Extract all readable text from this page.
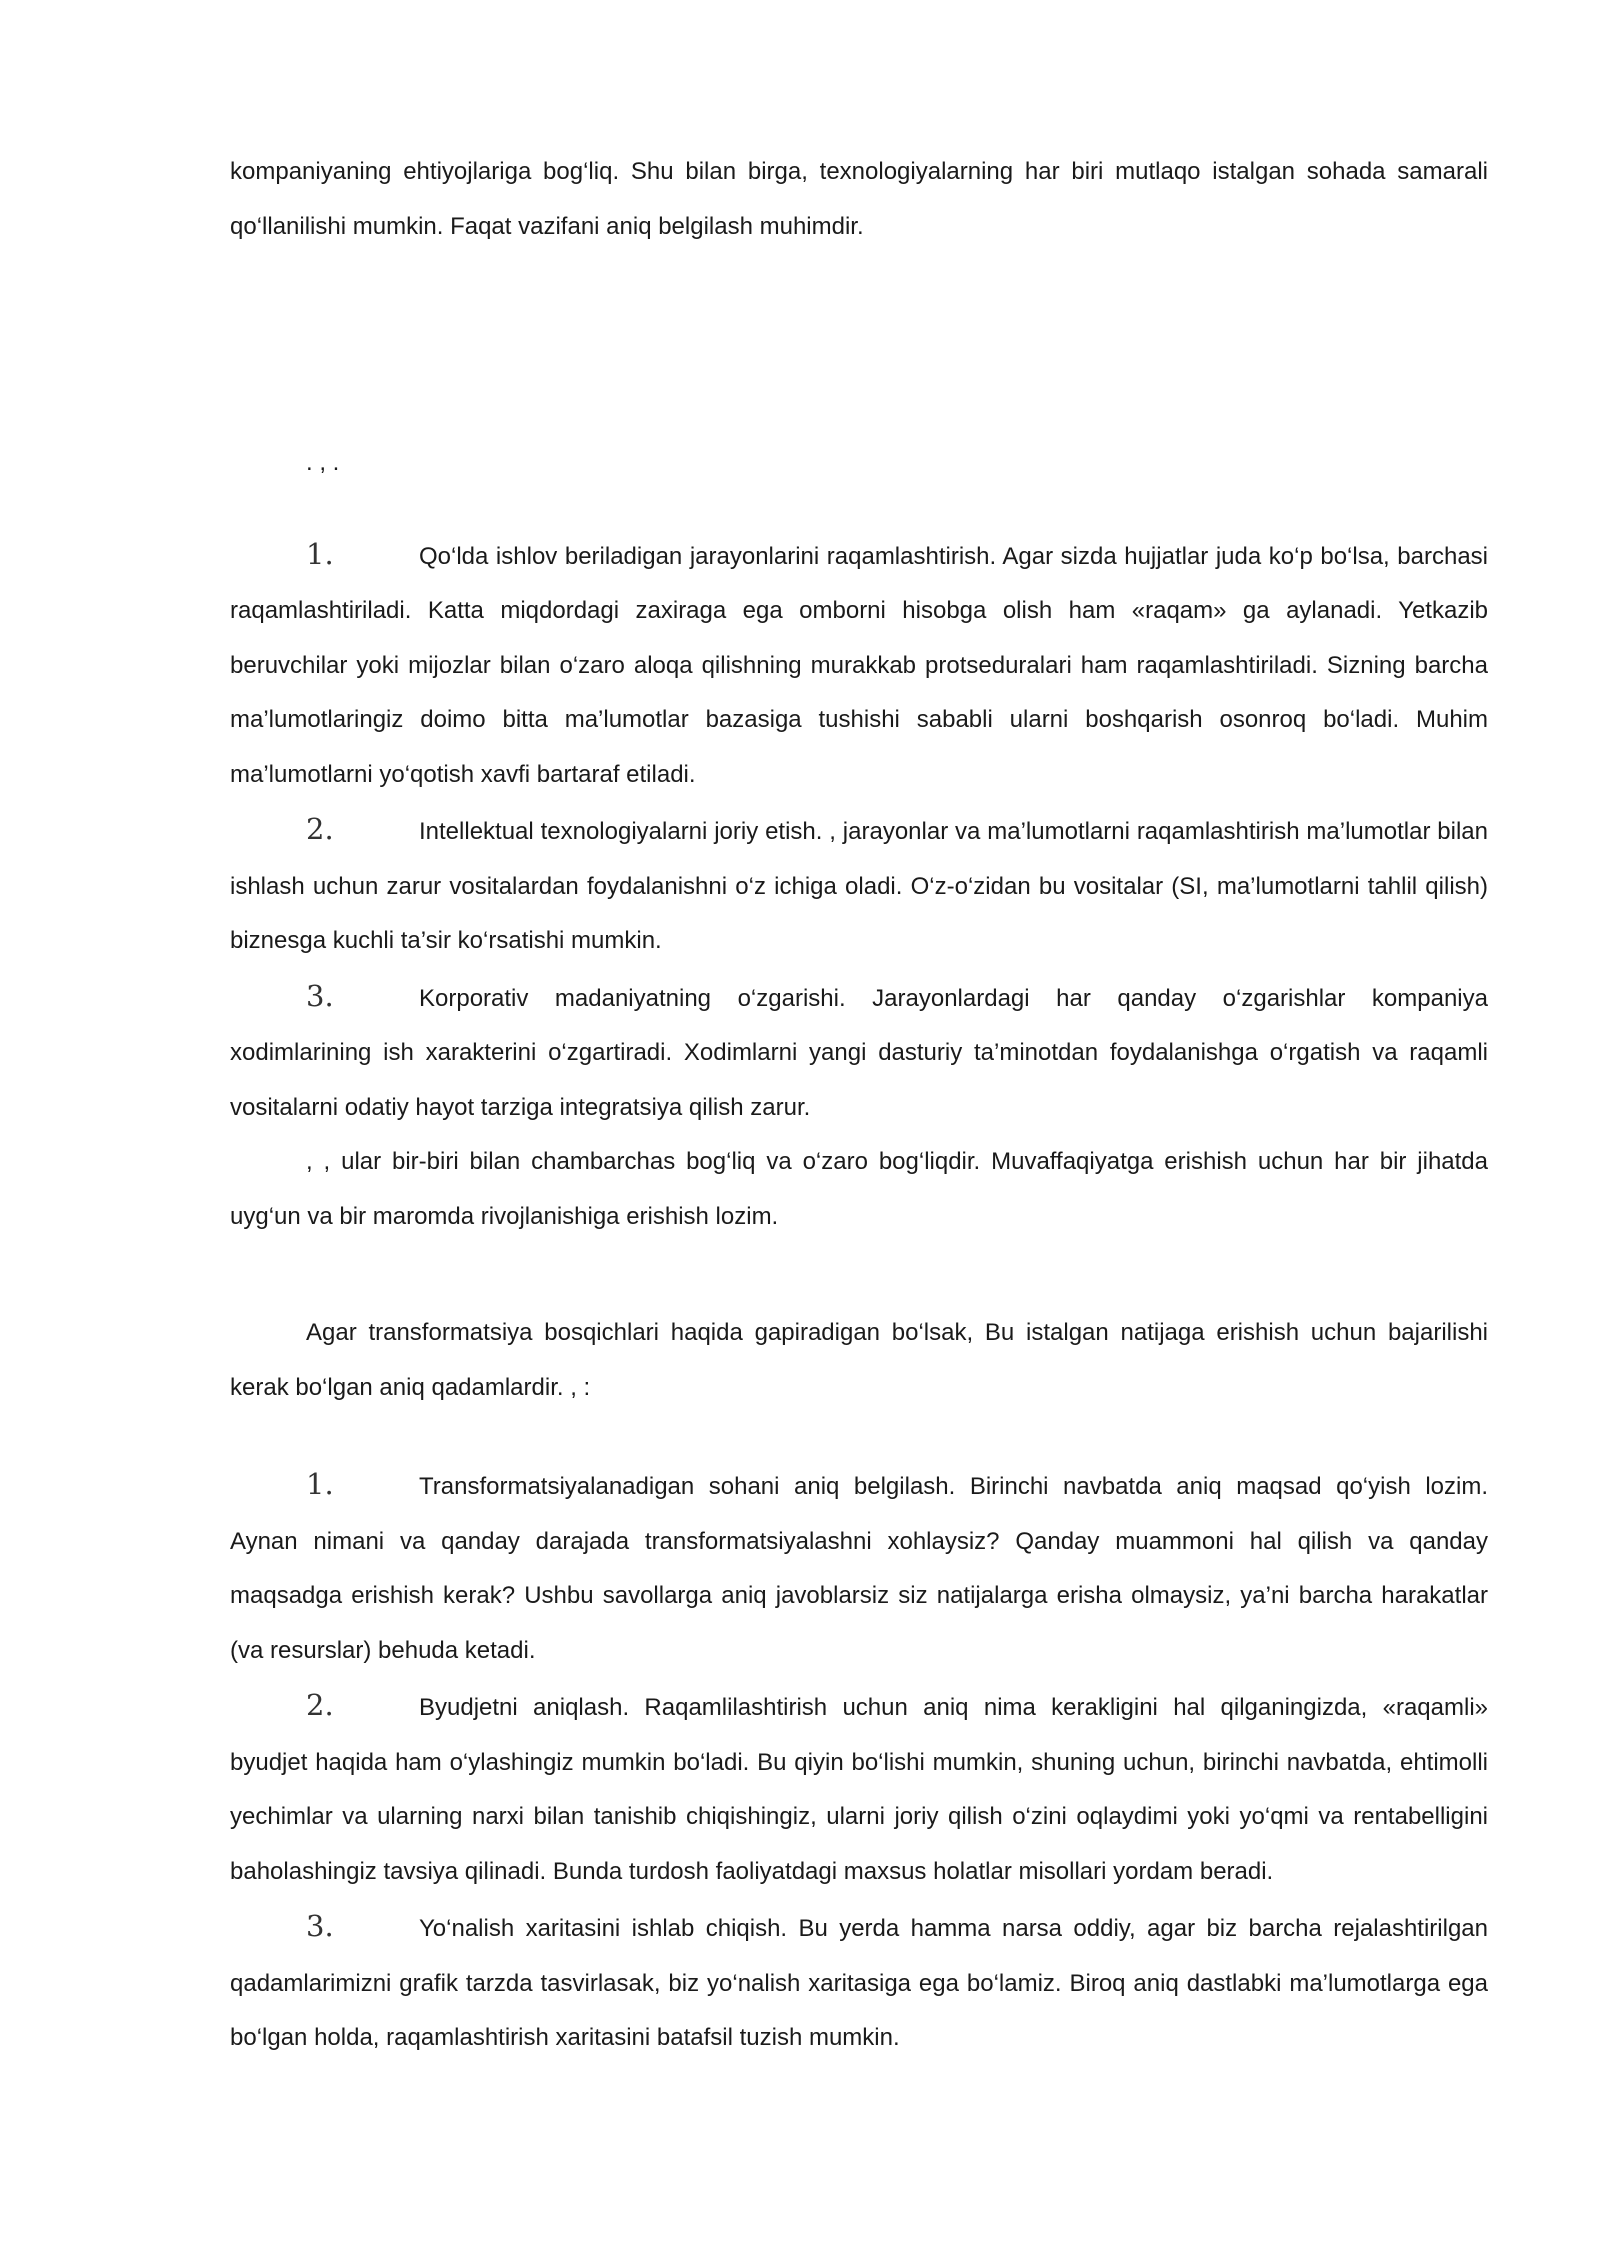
kompaniyaning ehtiyojlariga bog‘liq. Shu bilan birga, texnologiyalarning har biri mutlaqo istalgan sohada samarali qo‘llanilishi mumkin. Faqat vazifani aniq belgilash muhimdir.

. , .

1.	Qo‘lda ishlov beriladigan jarayonlarini raqamlashtirish. Agar sizda hujjatlar juda ko‘p bo‘lsa, barchasi raqamlashtiriladi. Katta miqdordagi zaxiraga ega omborni hisobga olish ham «raqam» ga aylanadi. Yetkazib beruvchilar yoki mijozlar bilan o‘zaro aloqa qilishning murakkab protseduralari ham raqamlashtiriladi. Sizning barcha ma’lumotlaringiz doimo bitta ma’lumotlar bazasiga tushishi sababli ularni boshqarish osonroq bo‘ladi. Muhim ma’lumotlarni yo‘qotish xavfi bartaraf etiladi.

2.	Intellektual texnologiyalarni joriy etish. , jarayonlar va ma’lumotlarni raqamlashtirish ma’lumotlar bilan ishlash uchun zarur vositalardan foydalanishni o‘z ichiga oladi. O‘z-o‘zidan bu vositalar (SI, ma’lumotlarni tahlil qilish) biznesga kuchli ta’sir ko‘rsatishi mumkin.

3.	Korporativ madaniyatning o‘zgarishi. Jarayonlardagi har qanday o‘zgarishlar kompaniya xodimlarining ish xarakterini o‘zgartiradi. Xodimlarni yangi dasturiy ta’minotdan foydalanishga o‘rgatish va raqamli vositalarni odatiy hayot tarziga integratsiya qilish zarur.

, , ular bir-biri bilan chambarchas bog‘liq va o‘zaro bog‘liqdir. Muvaffaqiyatga erishish uchun har bir jihatda uyg‘un va bir maromda rivojlanishiga erishish lozim.

Agar transformatsiya bosqichlari haqida gapiradigan bo‘lsak, Bu istalgan natijaga erishish uchun bajarilishi kerak bo‘lgan aniq qadamlardir. , :

1.	Transformatsiyalanadigan sohani aniq belgilash. Birinchi navbatda aniq maqsad qo‘yish lozim. Aynan nimani va qanday darajada transformatsiyalashni xohlaysiz? Qanday muammoni hal qilish va qanday maqsadga erishish kerak? Ushbu savollarga aniq javoblarsiz siz natijalarga erisha olmaysiz, ya’ni barcha harakatlar (va resurslar) behuda ketadi.

2.	Byudjetni aniqlash. Raqamlilashtirish uchun aniq nima kerakligini hal qilganingizda, «raqamli» byudjet haqida ham o‘ylashingiz mumkin bo‘ladi. Bu qiyin bo‘lishi mumkin, shuning uchun, birinchi navbatda, ehtimolli yechimlar va ularning narxi bilan tanishib chiqishingiz, ularni joriy qilish o‘zini oqlaydimi yoki yo‘qmi va rentabelligini baholashingiz tavsiya qilinadi. Bunda turdosh faoliyatdagi maxsus holatlar misollari yordam beradi.

3.	Yo‘nalish xaritasini ishlab chiqish. Bu yerda hamma narsa oddiy, agar biz barcha rejalashtirilgan qadamlarimizni grafik tarzda tasvirlasak, biz yo‘nalish xaritasiga ega bo‘lamiz. Biroq aniq dastlabki ma’lumotlarga ega bo‘lgan holda, raqamlashtirish xaritasini batafsil tuzish mumkin.
